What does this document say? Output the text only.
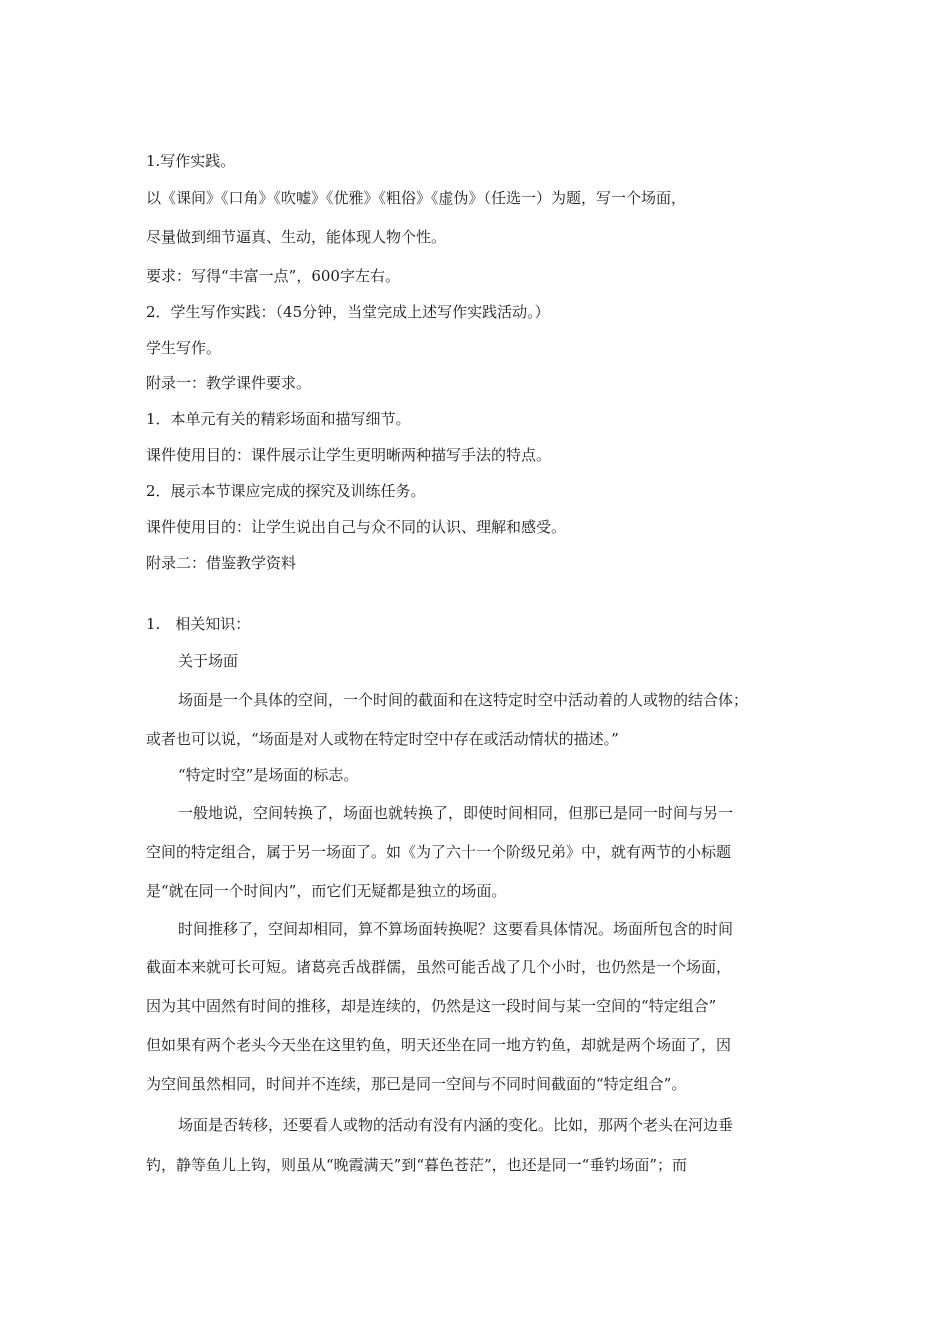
1.写作实践。
以《课间》《口角》《吹嘘》《优雅》《粗俗》《虚伪》（任选一）为题，写一个场面，
尽量做到细节逼真、生动，能体现人物个性。
要求：写得“丰富一点”，600字左右。
2．学生写作实践：（45分钟，当堂完成上述写作实践活动。）
学生写作。
附录一：教学课件要求。
1．本单元有关的精彩场面和描写细节。
课件使用目的：课件展示让学生更明晰两种描写手法的特点。
2．展示本节课应完成的探究及训练任务。
课件使用目的：让学生说出自己与众不同的认识、理解和感受。
附录二：借鉴教学资料
1.　相关知识：
关于场面
场面是一个具体的空间，一个时间的截面和在这特定时空中活动着的人或物的结合体；
或者也可以说，“场面是对人或物在特定时空中存在或活动情状的描述。”
“特定时空”是场面的标志。
一般地说，空间转换了，场面也就转换了，即使时间相同，但那已是同一时间与另一
空间的特定组合，属于另一场面了。如《为了六十一个阶级兄弟》中，就有两节的小标题
是“就在同一个时间内”，而它们无疑都是独立的场面。
时间推移了，空间却相同，算不算场面转换呢？这要看具体情况。场面所包含的时间
截面本来就可长可短。诸葛亮舌战群儒，虽然可能舌战了几个小时，也仍然是一个场面，
因为其中固然有时间的推移，却是连续的，仍然是这一段时间与某一空间的“特定组合”
但如果有两个老头今天坐在这里钓鱼，明天还坐在同一地方钓鱼，却就是两个场面了，因
为空间虽然相同，时间并不连续，那已是同一空间与不同时间截面的“特定组合”。
场面是否转移，还要看人或物的活动有没有内涵的变化。比如，那两个老头在河边垂
钓，静等鱼儿上钩，则虽从“晚霞满天”到“暮色苍茫”，也还是同一“垂钓场面”；而
